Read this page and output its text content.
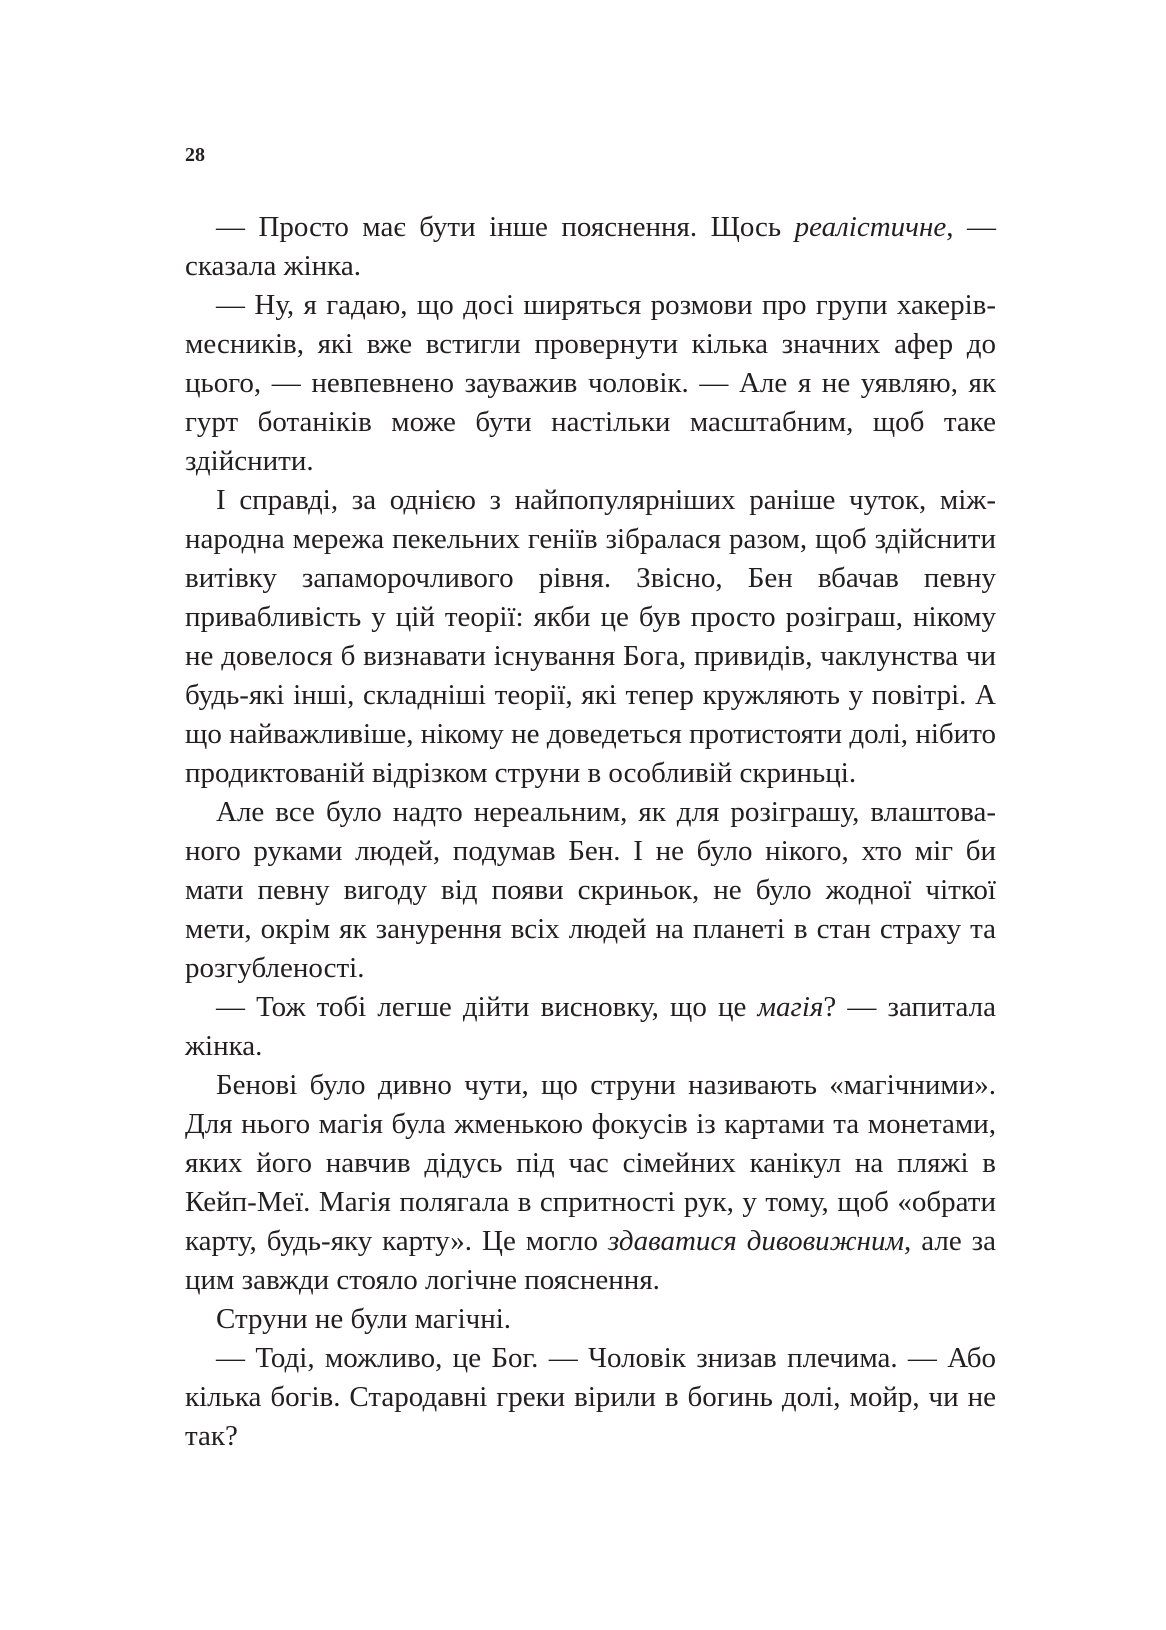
28

— Просто має бути інше пояснення. Щось реалістичне, — сказала жінка.

— Ну, я гадаю, що досі ширяться розмови про групи хакерів-месників, які вже встигли провернути кілька значних афер до цього, — невпевнено зауважив чоловік. — Але я не уявляю, як гурт ботаніків може бути настільки масштабним, щоб таке здійснити.

І справді, за однією з найпопулярніших раніше чуток, міжнародна мережа пекельних геніїв зібралася разом, щоб здійснити витівку запаморочливого рівня. Звісно, Бен вбачав певну привабливість у цій теорії: якби це був просто розіграш, нікому не довелося б визнавати існування Бога, привидів, чаклунства чи будь-які інші, складніші теорії, які тепер кружляють у повітрі. А що найважливіше, нікому не доведеться протистояти долі, нібито продиктованій відрізком струни в особливій скриньці.

Але все було надто нереальним, як для розіграшу, влаштованого руками людей, подумав Бен. І не було нікого, хто міг би мати певну вигоду від появи скриньок, не було жодної чіткої мети, окрім як занурення всіх людей на планеті в стан страху та розгубленості.

— Тож тобі легше дійти висновку, що це магія? — запитала жінка.

Бенові було дивно чути, що струни називають «магічними». Для нього магія була жменькою фокусів із картами та монетами, яких його навчив дідусь під час сімейних канікул на пляжі в Кейп-Меї. Магія полягала в спритності рук, у тому, щоб «обрати карту, будь-яку карту». Це могло здаватися дивовижним, але за цим завжди стояло логічне пояснення.

Струни не були магічні.

— Тоді, можливо, це Бог. — Чоловік знизав плечима. — Або кілька богів. Стародавні греки вірили в богинь долі, мойр, чи не так?
